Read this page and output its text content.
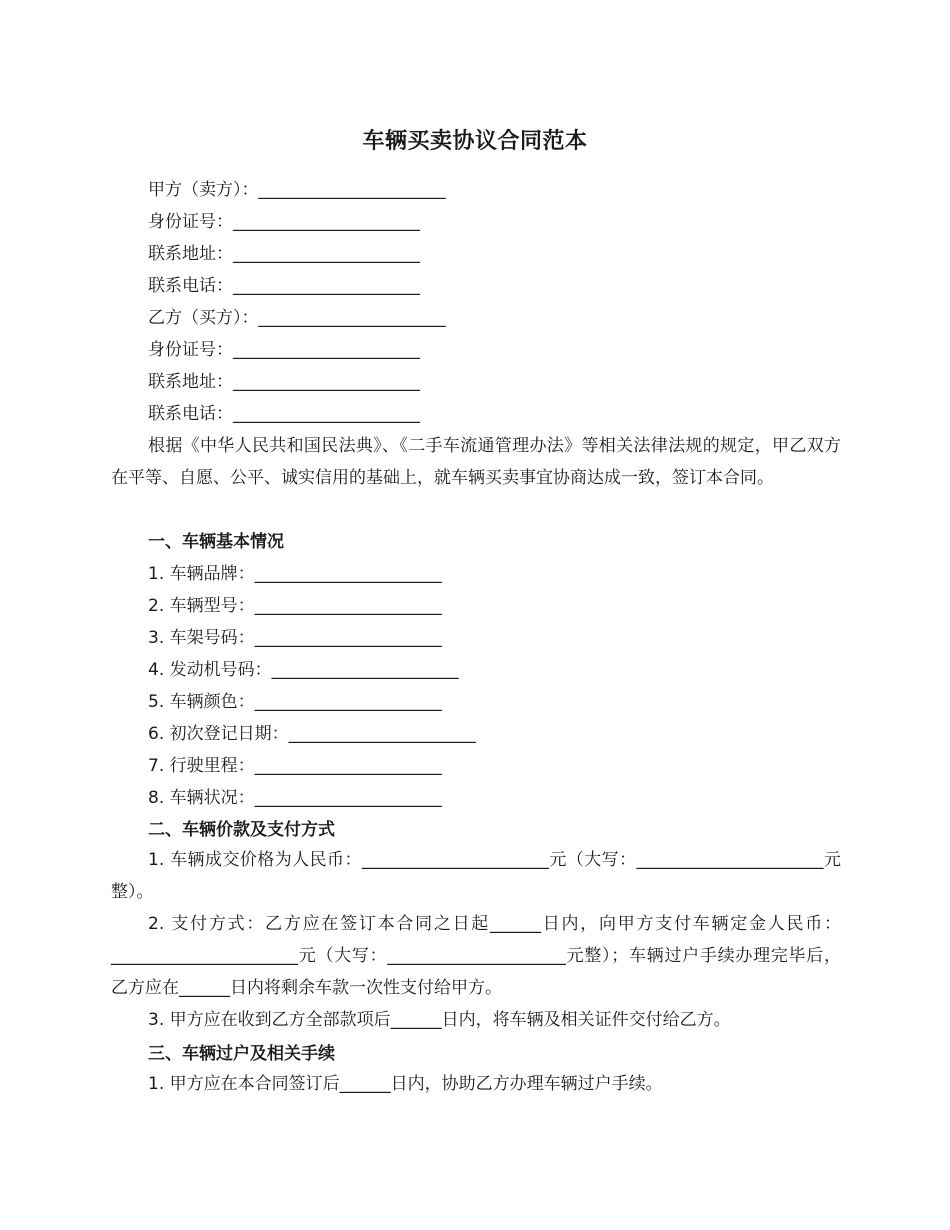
车辆买卖协议合同范本
甲方（卖方）：______________________
身份证号：______________________
联系地址：______________________
联系电话：______________________
乙方（买方）：______________________
身份证号：______________________
联系地址：______________________
联系电话：______________________
根据《中华人民共和国民法典》、《二手车流通管理办法》等相关法律法规的规定，甲乙双方在平等、自愿、公平、诚实信用的基础上，就车辆买卖事宜协商达成一致，签订本合同。
一、车辆基本情况
1. 车辆品牌：______________________
2. 车辆型号：______________________
3. 车架号码：______________________
4. 发动机号码：______________________
5. 车辆颜色：______________________
6. 初次登记日期：______________________
7. 行驶里程：______________________
8. 车辆状况：______________________
二、车辆价款及支付方式
1. 车辆成交价格为人民币：______________________元（大写：______________________元整）。
2. 支付方式：乙方应在签订本合同之日起______日内，向甲方支付车辆定金人民币：______________________元（大写：_____________________元整）；车辆过户手续办理完毕后，乙方应在______日内将剩余车款一次性支付给甲方。
3. 甲方应在收到乙方全部款项后______日内，将车辆及相关证件交付给乙方。
三、车辆过户及相关手续
1. 甲方应在本合同签订后______日内，协助乙方办理车辆过户手续。
